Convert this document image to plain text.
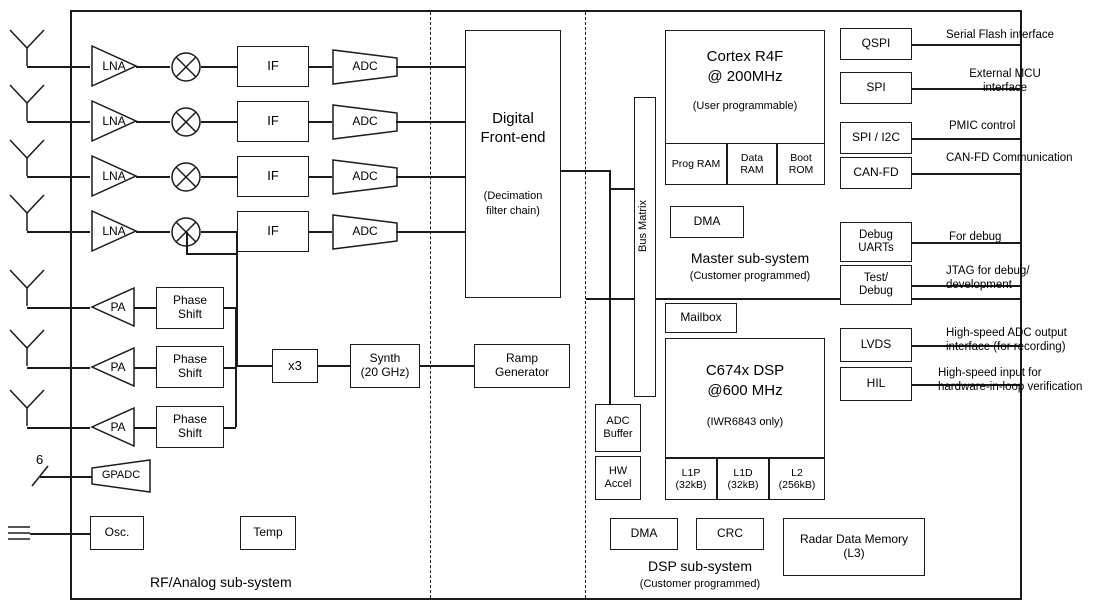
LNA	IF	ADC
LNA	IF	ADC
LNA	IF	ADC
LNA	IF	ADC
PA	Phase
Shift
PA
Phase
Shift
PA
Phase
Shift
x3	Synth
(20 GHz)
Ramp
Generator
GPADC
6
Osc.	Temp
Digital
Front-end
(Decimation
filter chain)	Bus Matrix
ADC
Buffer
HW
Accel
Cortex R4F
@ 200MHz
(User programmable)
Prog RAM
Data
RAM
Boot
ROM
DMA
Master sub-system
(Customer programmed)
Mailbox
C674x DSP
@600 MHz
(IWR6843 only)
L1P
(32kB)
L1D
(32kB)
L2
(256kB)
DMA	CRC	Radar Data Memory
(L3)
DSP sub-system
(Customer programmed)
RF/Analog sub-system
QSPI
Serial Flash interface
SPI
External MCU
interface
SPI / I2C
PMIC control
CAN-FD
CAN-FD Communication
Debug
UARTs
For debug
Test/
Debug
JTAG for debug/
development
LVDS
High-speed ADC output
interface (for recording)
HIL
High-speed input for
hardware-in-loop verification
